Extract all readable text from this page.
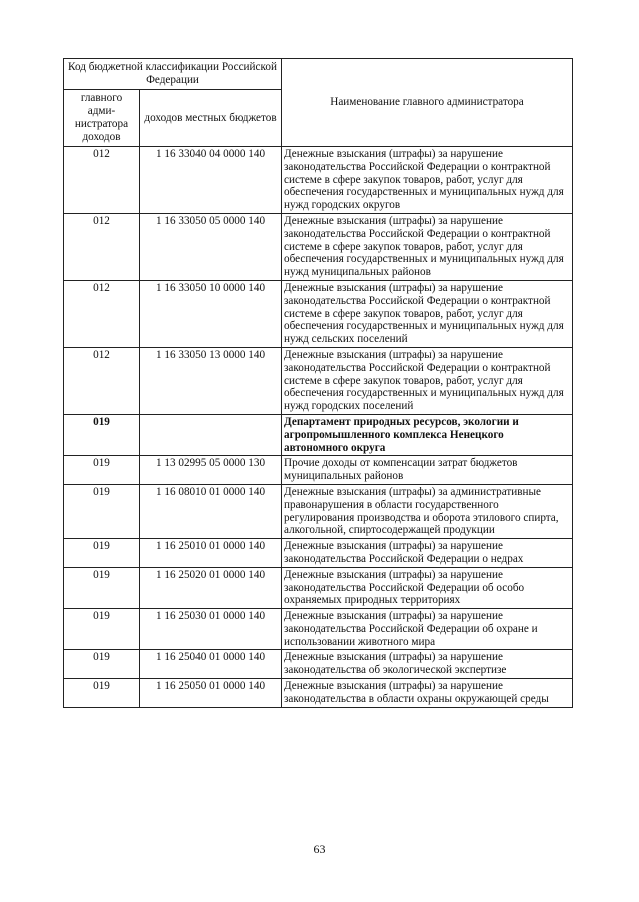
Код бюджетной классификации Российской Федерации		Наименование главного администратора
главного адми- нистратора доходов	доходов местных бюджетов	
012	1 16 33040 04 0000 140	Денежные взыскания (штрафы) за нарушение законодательства Российской Федерации о контрактной системе в сфере закупок товаров, работ, услуг для обеспечения государственных и муниципальных нужд для нужд городских округов
012	1 16 33050 05 0000 140	Денежные взыскания (штрафы) за нарушение законодательства Российской Федерации о контрактной системе в сфере закупок товаров, работ, услуг для обеспечения государственных и муниципальных нужд для нужд муниципальных районов
012	1 16 33050 10 0000 140	Денежные взыскания (штрафы) за нарушение законодательства Российской Федерации о контрактной системе в сфере закупок товаров, работ, услуг для обеспечения государственных и муниципальных нужд для нужд сельских поселений
012	1 16 33050 13 0000 140	Денежные взыскания (штрафы) за нарушение законодательства Российской Федерации о контрактной системе в сфере закупок товаров, работ, услуг для обеспечения государственных и муниципальных нужд для нужд городских поселений
019		Департамент природных ресурсов, экологии и агропромышленного комплекса Ненецкого автономного округа
019	1 13 02995 05 0000 130	Прочие доходы от компенсации затрат бюджетов муниципальных районов
019	1 16 08010 01 0000 140	Денежные взыскания (штрафы) за административные правонарушения в области государственного регулирования производства и оборота этилового спирта, алкогольной, спиртосодержащей продукции
019	1 16 25010 01 0000 140	Денежные взыскания (штрафы) за нарушение законодательства Российской Федерации о недрах
019	1 16 25020 01 0000 140	Денежные взыскания (штрафы) за нарушение законодательства Российской Федерации об особо охраняемых природных территориях
019	1 16 25030 01 0000 140	Денежные взыскания (штрафы) за нарушение законодательства Российской Федерации об охране и использовании животного мира
019	1 16 25040 01 0000 140	Денежные взыскания (штрафы) за нарушение законодательства об экологической экспертизе
019	1 16 25050 01 0000 140	Денежные взыскания (штрафы) за нарушение законодательства в области охраны окружающей среды
63
